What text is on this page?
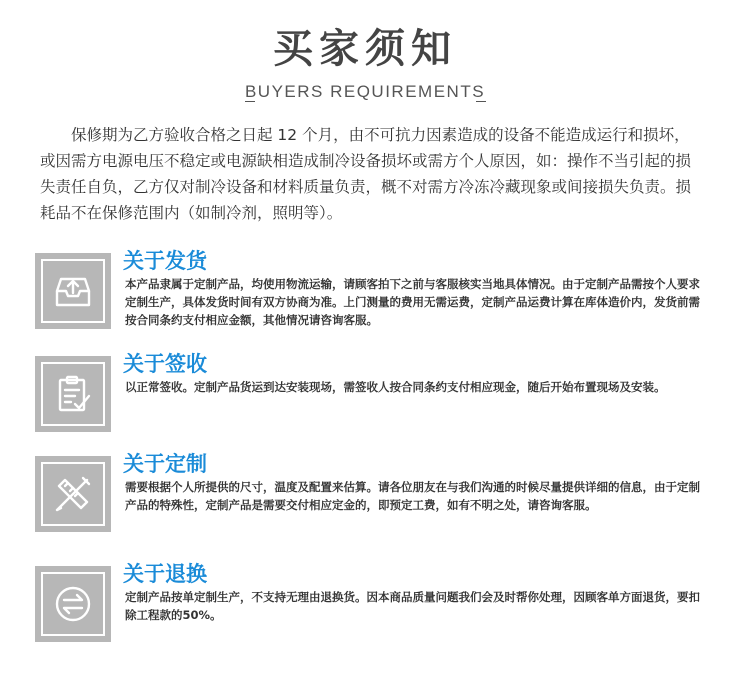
买家须知
BUYERS REQUIREMENTS

保修期为乙方验收合格之日起 12 个月，由不可抗力因素造成的设备不能造成运行和损坏，或因需方电源电压不稳定或电源缺相造成制冷设备损坏或需方个人原因，如：操作不当引起的损失责任自负，乙方仅对制冷设备和材料质量负责，概不对需方冷冻冷藏现象或间接损失负责。损耗品不在保修范围内（如制冷剂，照明等）。

关于发货

本产品隶属于定制产品，均使用物流运输，请顾客拍下之前与客服核实当地具体情况。由于定制产品需按个人要求定制生产，具体发货时间有双方协商为准。上门测量的费用无需运费，定制产品运费计算在库体造价内，发货前需按合同条约支付相应金额，其他情况请咨询客服。

关于签收

以正常签收。定制产品货运到达安装现场，需签收人按合同条约支付相应现金，随后开始布置现场及安装。

关于定制

需要根据个人所提供的尺寸，温度及配置来估算。请各位朋友在与我们沟通的时候尽量提供详细的信息，由于定制产品的特殊性，定制产品是需要交付相应定金的，即预定工费，如有不明之处，请咨询客服。

关于退换

定制产品按单定制生产，不支持无理由退换货。因本商品质量问题我们会及时帮你处理，因顾客单方面退货，要扣除工程款的50%。
